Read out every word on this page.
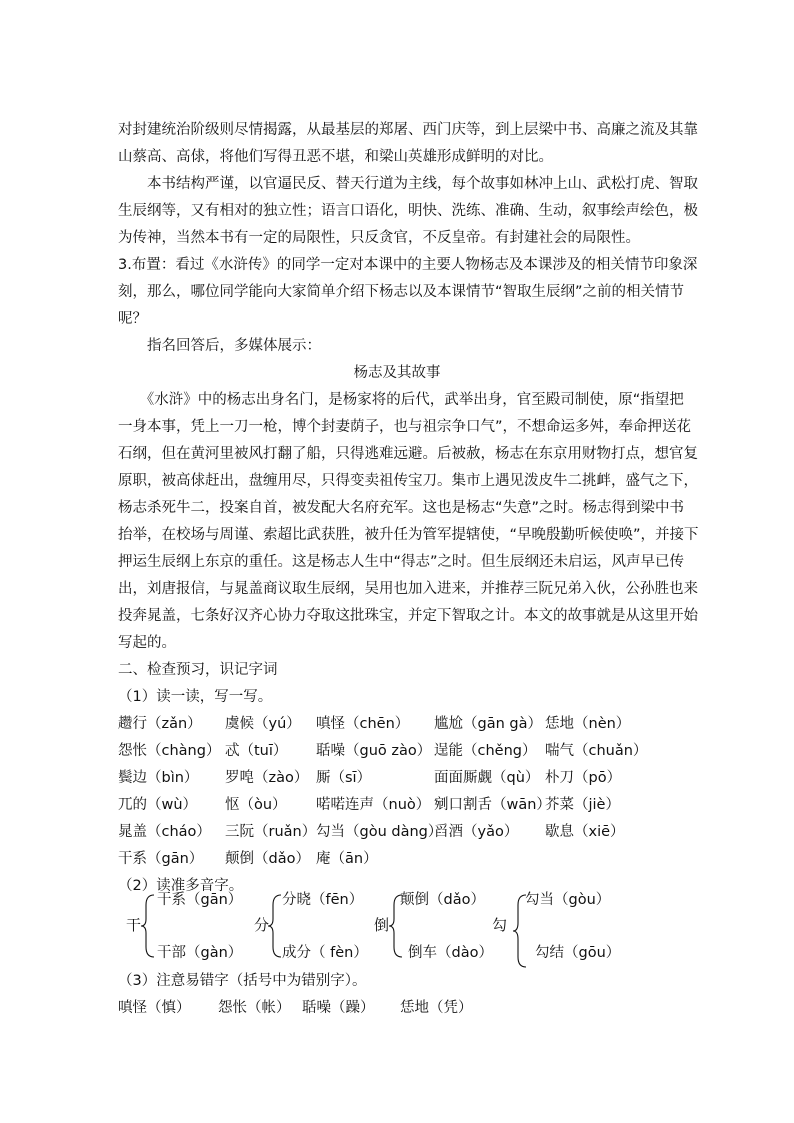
对封建统治阶级则尽情揭露，从最基层的郑屠、西门庆等，到上层梁中书、高廉之流及其靠
山蔡高、高俅，将他们写得丑恶不堪，和梁山英雄形成鲜明的对比。
　　本书结构严谨，以官逼民反、替天行道为主线，每个故事如林冲上山、武松打虎、智取
生辰纲等，又有相对的独立性；语言口语化，明快、洗练、准确、生动，叙事绘声绘色，极
为传神，当然本书有一定的局限性，只反贪官，不反皇帝。有封建社会的局限性。
3.布置：看过《水浒传》的同学一定对本课中的主要人物杨志及本课涉及的相关情节印象深
刻，那么，哪位同学能向大家简单介绍下杨志以及本课情节“智取生辰纲”之前的相关情节
呢？
　　指名回答后，多媒体展示：
杨志及其故事
　　《水浒》中的杨志出身名门，是杨家将的后代，武举出身，官至殿司制使，原“指望把
一身本事，凭上一刀一枪，博个封妻荫子，也与祖宗争口气”，不想命运多舛，奉命押送花
石纲，但在黄河里被风打翻了船，只得逃难远避。后被赦，杨志在东京用财物打点，想官复
原职，被高俅赶出，盘缠用尽，只得变卖祖传宝刀。集市上遇见泼皮牛二挑衅，盛气之下，
杨志杀死牛二，投案自首，被发配大名府充军。这也是杨志“失意”之时。杨志得到梁中书
抬举，在校场与周谨、索超比武获胜，被升任为管军提辖使，“早晚殷勤听候使唤”，并接下
押运生辰纲上东京的重任。这是杨志人生中“得志”之时。但生辰纲还未启运，风声早已传
出，刘唐报信，与晁盖商议取生辰纲，吴用也加入进来，并推荐三阮兄弟入伙，公孙胜也来
投奔晁盖，七条好汉齐心协力夺取这批珠宝，并定下智取之计。本文的故事就是从这里开始
写起的。
二、检查预习，识记字词
（1）读一读，写一写。
趱行（zǎn） 虞候（yú） 嗔怪（chēn） 尴尬（gān gà） 恁地（nèn）
怨怅（chàng） 忒（tuī） 聒噪（guō zào） 逞能（chěng） 喘气（chuǎn）
鬓边（bìn） 罗唣（zào） 厮（sī）	面面厮觑（qù） 朴刀（pō）
兀的（wù） 怄（òu） 喏喏连声（nuò） 剜口割舌（wān）
芥菜（jiè）
晁盖（cháo） 三阮（ruǎn） 勾当（gòu dàng）
舀酒（yǎo） 歇息（xiē）
干系（gān） 颠倒（dǎo） 庵（ān）
（2）读准多音字。
干
干系（gān）
干部（gàn）
分
分晓（fēn）
成分（ fèn）
倒
颠倒（dǎo）
倒车（dào）
勾
勾当（gòu）
勾结（gōu）
（3）注意易错字（括号中为错别字）。
嗔怪（慎） 怨怅（帐） 聒噪（躁） 恁地（凭）
